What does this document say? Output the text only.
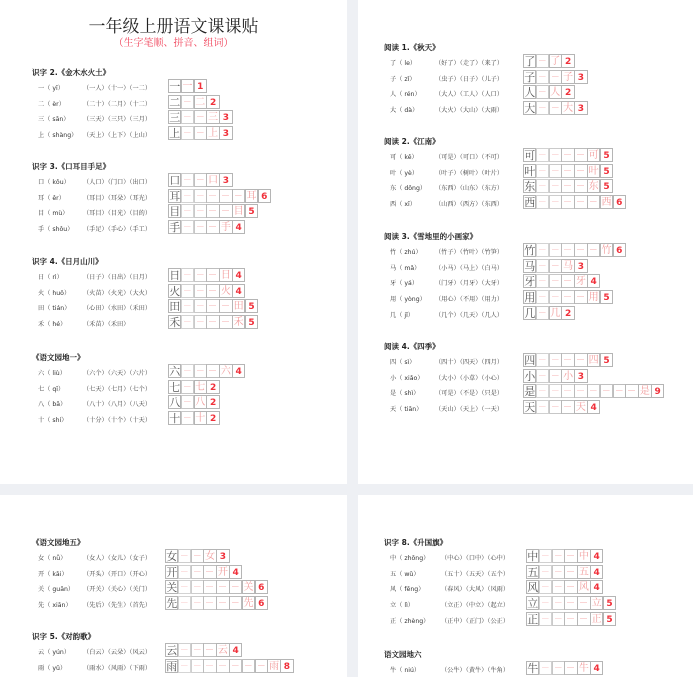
一年级上册语文课课贴
（生字笔顺、拼音、组词）
识字 2.《金木水火土》
一（ yī）	（一人）（十一）（一二） 一 一 1
二（ èr）	（二十）（二月）（十二） 二 二 2
三（ sān） （三天）（三只）（三月） 三	三 3
上（ shàng） （天上）（上下）（上山） 上	上 3
识字 3.《口耳目手足》
口（ kǒu） （人口）（门口）（出口） 口	口 3
耳（ ěr）	（耳目）（耳朵）（耳光） 耳	耳 6
目（ mù） （耳目）（目光）（目的） 目	目 5
手（ shǒu） （手足）（手心）（手工） 手	手 4
识字 4.《日月山川》
日（ rì）	（日子）（日出）（日月） 日	日 4
火（ huǒ） （火苗）（火光）（大火） 火	火 4
田（ tián） （心田）（水田）（禾田） 田	田 5
禾（ hé）	（禾苗）（禾田）	禾	禾 5
《语文园地一》
六（ liù）	（六个）（六天）（六片） 六	六 4
七（ qī）	（七天）（七月）（七个） 七 七 2
八（ bā）	（八十）（八月）（八天） 八 八 2
十（ shí）	（十分）（十个）（十天） 十 十 2
阅读 1.《秋天》
了（ le）	（好了）（走了）（来了） 了 了 2
子（ zǐ）	（虫子）（日子）（儿子） 子	子 3
人（ rén） （大人）（工人）（人口） 人 人 2
大（ dà）	（大火）（大山）（大雨） 大	大 3
阅读 2.《江南》
可（ kě）	（可是）（可口）（不可） 可	可 5
叶（ yè）	（叶子）（树叶）（叶片） 叶	叶 5
东（ dōng） （东西）（山东）（东方） 东	东 5
西（ xī）	（山西）（西方）（东西） 西	西 6
阅读 3.《雪地里的小画家》
竹（ zhú） （竹子）（竹叶）（竹笋） 竹	竹 6
马（ mǎ） （小马）（马上）（白马） 马	马 3
牙（ yá）	（门牙）（月牙）（大牙） 牙	牙 4
用（ yòng） （用心）（不用）（用力） 用	用 5
几（ jǐ）	（几个）（几天）（几人） 几 几 2
阅读 4.《四季》
四（ sì）	（四十）（四天）（四月） 四	四 5
小（ xiǎo） （大小）（小草）（小心） 小	小 3
是（ shì）	（可是）（不是）（只是） 是	是 9
天（ tiān） （天山）（天上）（一天） 天	天 4
《语文园地五》
女（ nǚ）	（女人）（女儿）（女子） 女	女 3
开（ kāi） （开头）（开口）（开心） 开	开 4
关（ guān） （开关）（关心）（关门） 关	关 6
先（ xiān） （先后）（先生）（首先） 先	先 6
识字 5.《对韵歌》
云（ yún） （白云）（云朵）（风云） 云	云 4
雨（ yǔ）	（雨水）（风雨）（下雨） 雨	雨 8
识字 8.《升国旗》
中（ zhōng） （中心）（口中）（心中） 中	中 4
五（ wǔ）	（五十）（五天）（五个） 五	五 4
风（ fēng）	（春风）（大风）（风雨） 风	风 4
立（ lì）	（立正）（中立）（起立） 立	立 5
正（ zhèng） （正中）（正门）（公正） 正	正 5
语文园地六
牛（ niú）	（公牛）（黄牛）（牛角） 牛	牛 4
